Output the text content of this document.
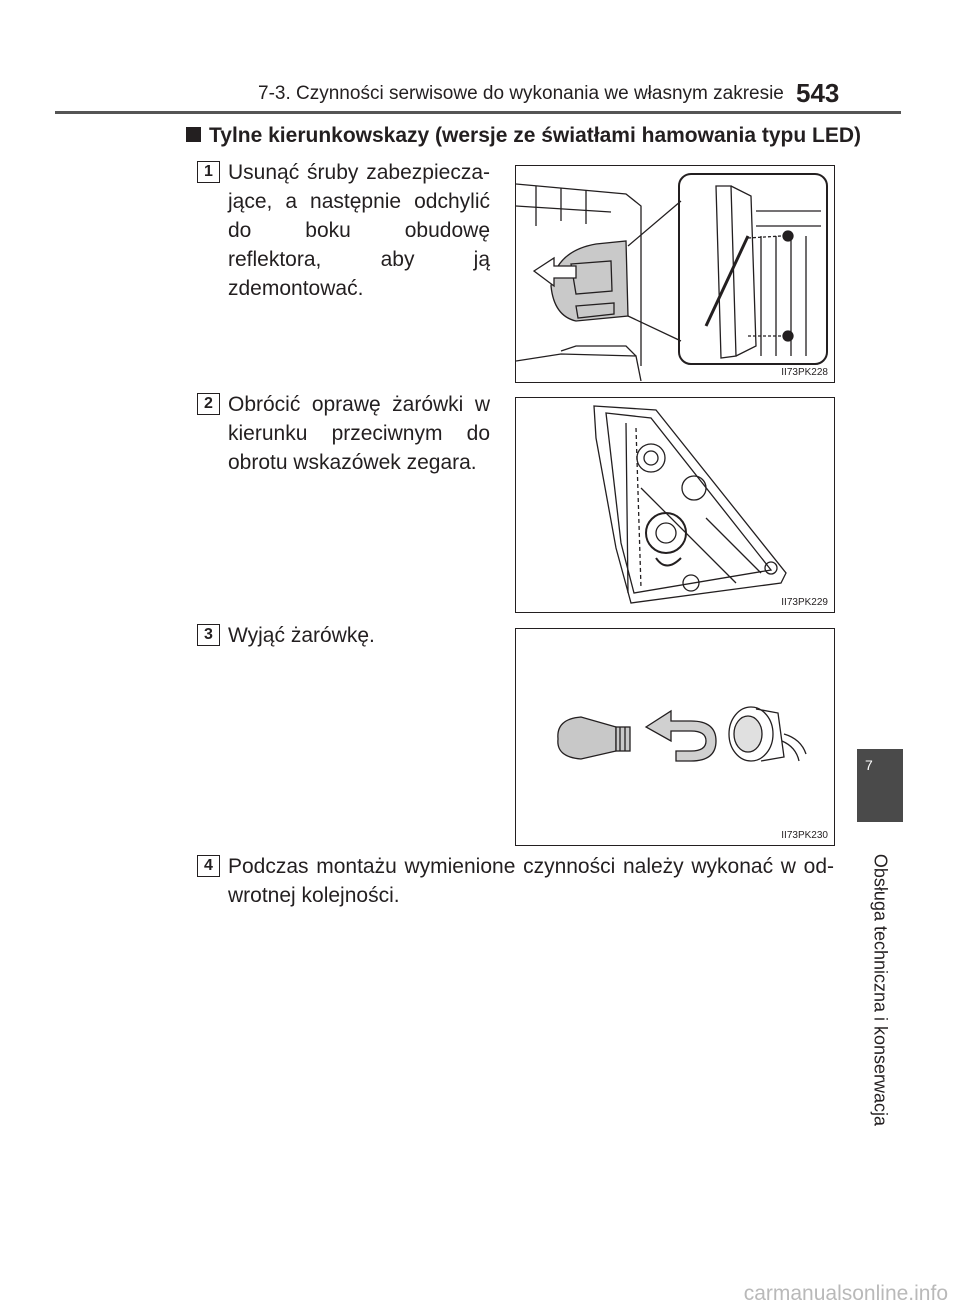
7-3. Czynności serwisowe do wykonania we własnym zakresie 543
Tylne kierunkowskazy (wersje ze światłami hamowania typu LED)
1 Usunąć śruby zabezpiecza-jące, a następnie odchylić do boku obudowę reflektora, aby ją zdemontować.
II73PK228
2 Obrócić oprawę żarówki w kierunku przeciwnym do obrotu wskazówek zegara.
II73PK229
3 Wyjąć żarówkę.
II73PK230
4 Podczas montażu wymienione czynności należy wykonać w od-wrotnej kolejności.
7
Obsługa techniczna i konserwacja
carmanualsonline.info
